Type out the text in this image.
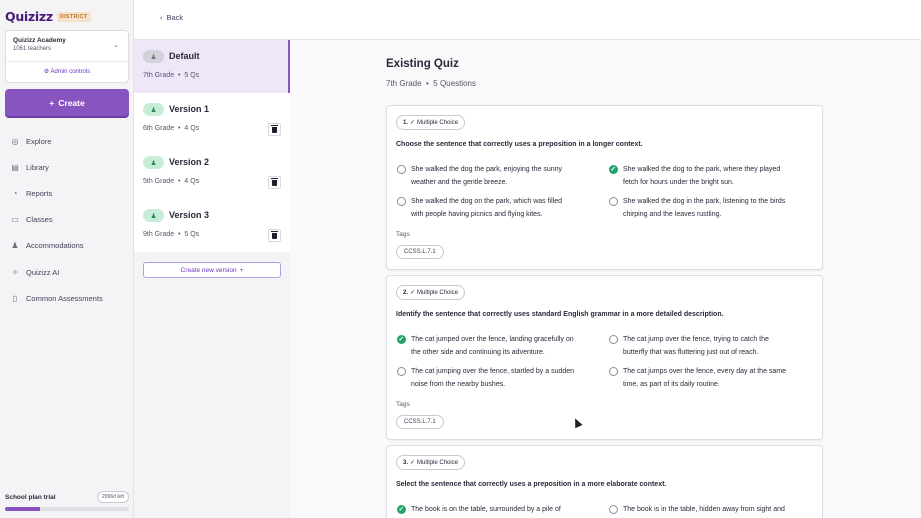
Quizizz	DISTRICT
Quizizz Academy
1061 teachers	⌄
⚙ Admin controls
+ Create
◎ Explore
▤ Library
◔	Reports
▭ Classes
♟ Accommodations
✧ Quizizz AI
▯	Common Assessments
School plan trial	2096d left
‹ Back
♟	Default
7th Grade  •  5 Qs
♟	Version 1
6th Grade  •  4 Qs
♟	Version 2
5th Grade  •  4 Qs
♟	Version 3
9th Grade  •  5 Qs
Create new version +
Existing Quiz
7th Grade  •  5 Questions
1. ✓ Multiple Choice
Choose the sentence that correctly uses a preposition in a longer context.
She walked the dog the park, enjoying the sunny
weather and the gentle breeze.
✓
She walked the dog to the park, where they played
fetch for hours under the bright sun.
She walked the dog on the park, which was filled
with people having picnics and flying kites.
She walked the dog in the park, listening to the birds
chirping and the leaves rustling.
Tags
CCSS.L.7.1
2. ✓ Multiple Choice
Identify the sentence that correctly uses standard English grammar in a more detailed description.
✓
The cat jumped over the fence, landing gracefully on
the other side and continuing its adventure.
The cat jump over the fence, trying to catch the
butterfly that was fluttering just out of reach.
The cat jumping over the fence, startled by a sudden
noise from the nearby bushes.
The cat jumps over the fence, every day at the same
time, as part of its daily routine.
Tags
CCSS.L.7.1
3. ✓ Multiple Choice
Select the sentence that correctly uses a preposition in a more elaborate context.
✓
The book is on the table, surrounded by a pile of	The book is in the table, hidden away from sight and
